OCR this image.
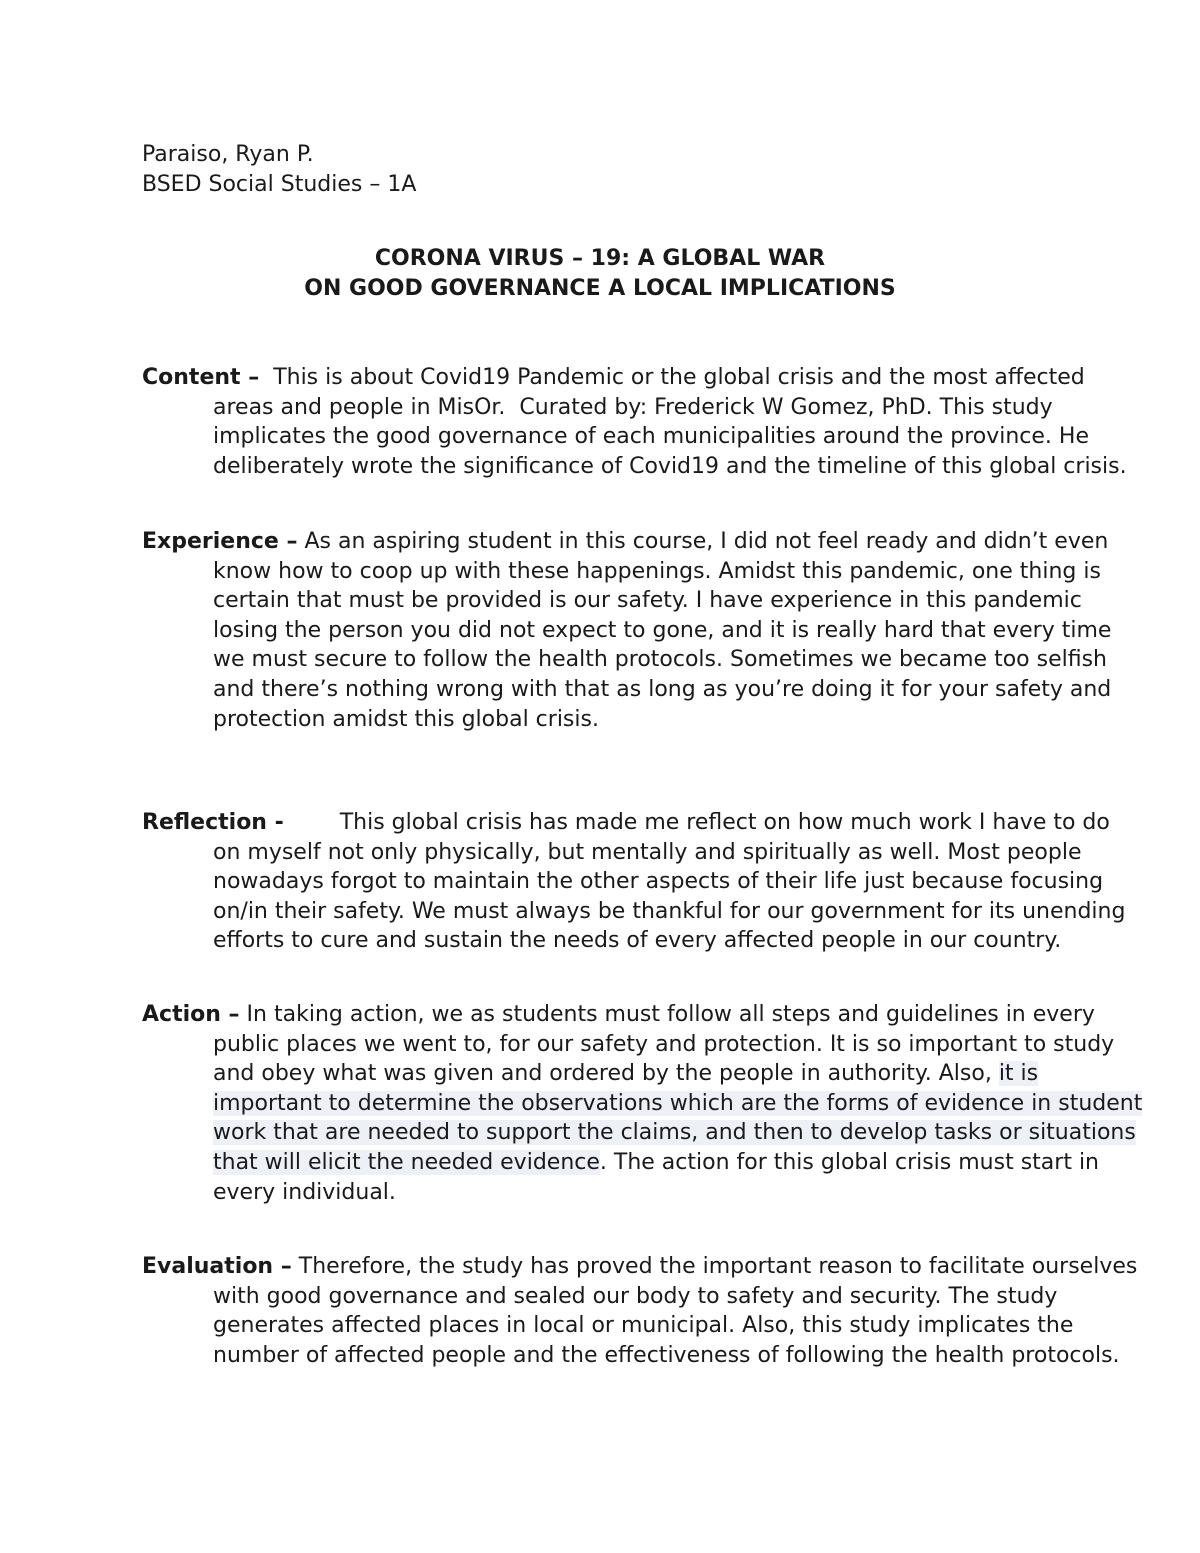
Paraiso, Ryan P.
BSED Social Studies – 1A
CORONA VIRUS – 19: A GLOBAL WAR
ON GOOD GOVERNANCE A LOCAL IMPLICATIONS
Content –  This is about Covid19 Pandemic or the global crisis and the most affected areas and people in MisOr.  Curated by: Frederick W Gomez, PhD. This study implicates the good governance of each municipalities around the province. He deliberately wrote the significance of Covid19 and the timeline of this global crisis.
Experience – As an aspiring student in this course, I did not feel ready and didn’t even know how to coop up with these happenings. Amidst this pandemic, one thing is certain that must be provided is our safety. I have experience in this pandemic losing the person you did not expect to gone, and it is really hard that every time we must secure to follow the health protocols. Sometimes we became too selfish and there’s nothing wrong with that as long as you’re doing it for your safety and protection amidst this global crisis.
Reflection -        This global crisis has made me reflect on how much work I have to do on myself not only physically, but mentally and spiritually as well. Most people nowadays forgot to maintain the other aspects of their life just because focusing on/in their safety. We must always be thankful for our government for its unending efforts to cure and sustain the needs of every affected people in our country.
Action – In taking action, we as students must follow all steps and guidelines in every public places we went to, for our safety and protection. It is so important to study and obey what was given and ordered by the people in authority. Also, it is important to determine the observations which are the forms of evidence in student work that are needed to support the claims, and then to develop tasks or situations that will elicit the needed evidence. The action for this global crisis must start in every individual.
Evaluation – Therefore, the study has proved the important reason to facilitate ourselves with good governance and sealed our body to safety and security. The study generates affected places in local or municipal. Also, this study implicates the number of affected people and the effectiveness of following the health protocols.
